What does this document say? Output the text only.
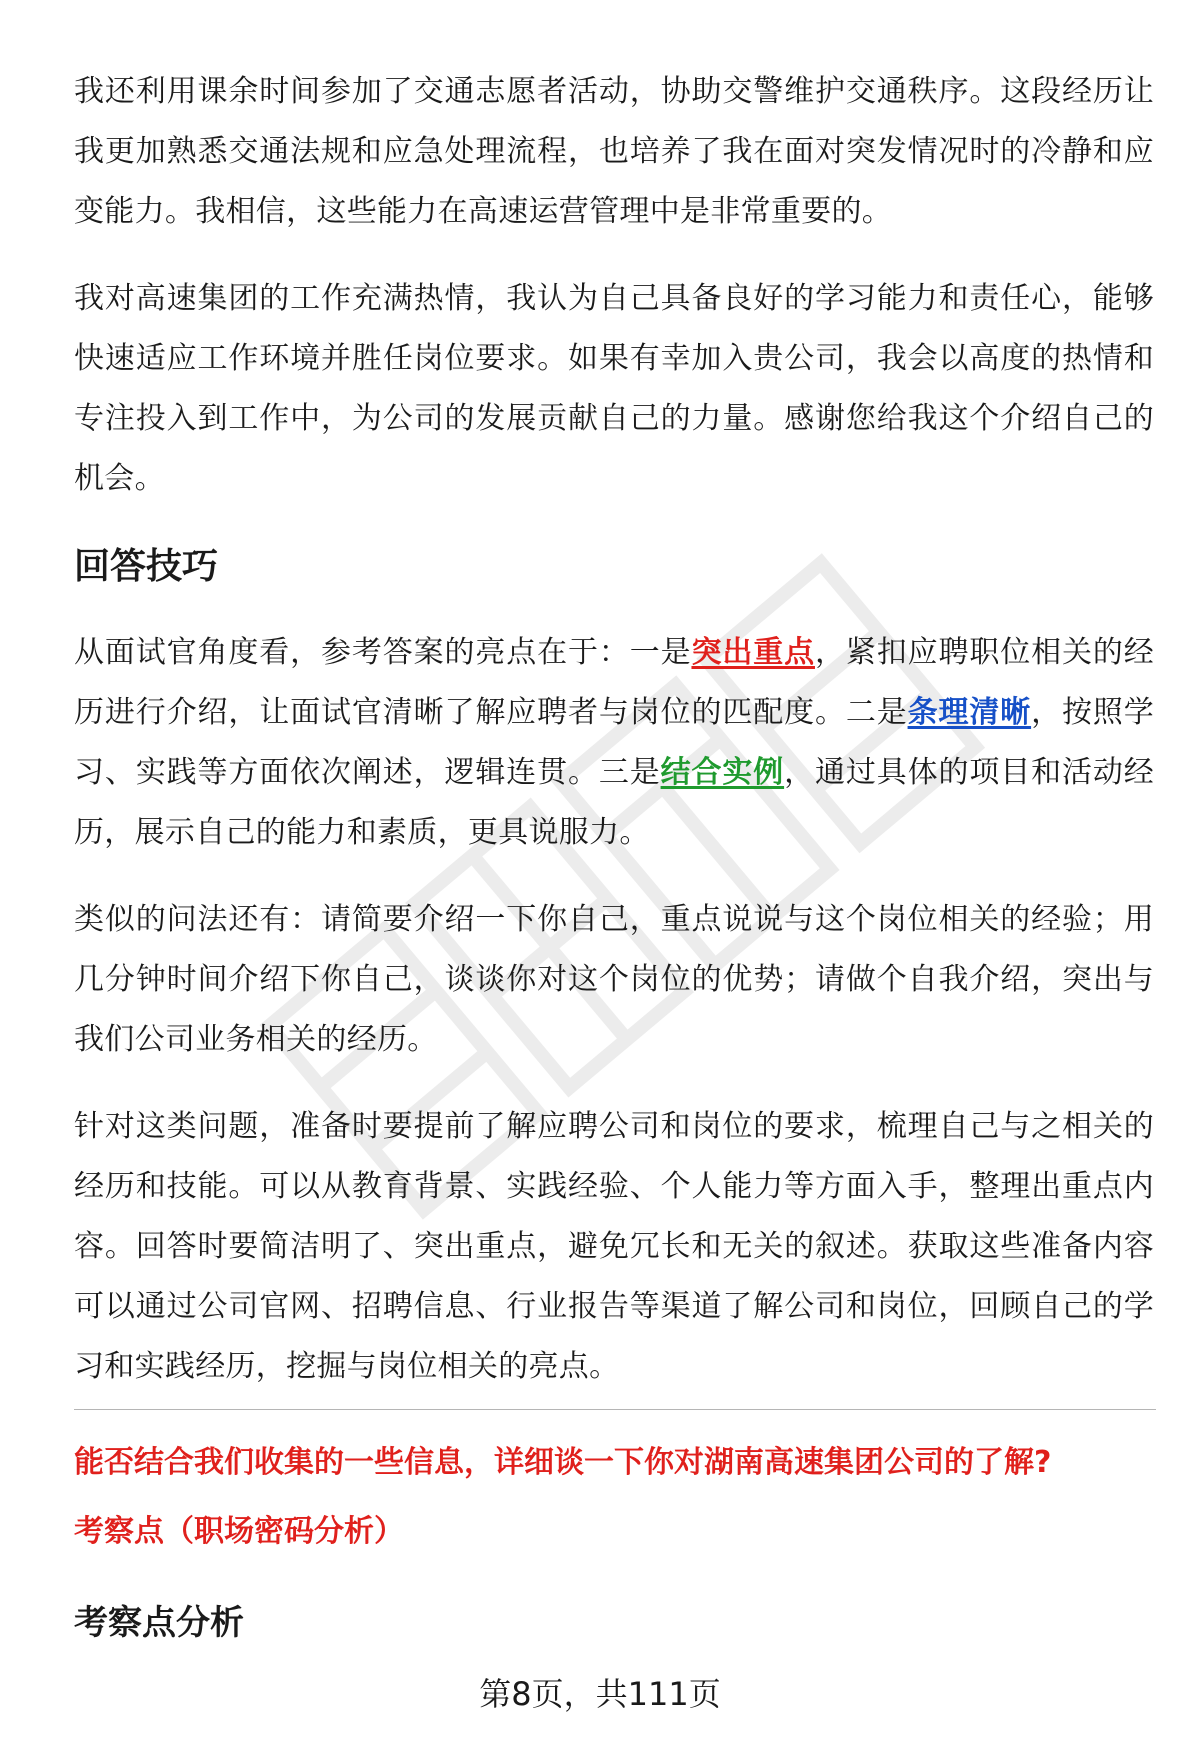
我还利用课余时间参加了交通志愿者活动，协助交警维护交通秩序。这段经历让我更加熟悉交通法规和应急处理流程，也培养了我在面对突发情况时的冷静和应变能力。我相信，这些能力在高速运营管理中是非常重要的。

我对高速集团的工作充满热情，我认为自己具备良好的学习能力和责任心，能够快速适应工作环境并胜任岗位要求。如果有幸加入贵公司，我会以高度的热情和专注投入到工作中，为公司的发展贡献自己的力量。感谢您给我这个介绍自己的机会。

回答技巧

从面试官角度看，参考答案的亮点在于：一是突出重点，紧扣应聘职位相关的经历进行介绍，让面试官清晰了解应聘者与岗位的匹配度。二是条理清晰，按照学习、实践等方面依次阐述，逻辑连贯。三是结合实例，通过具体的项目和活动经历，展示自己的能力和素质，更具说服力。

类似的问法还有：请简要介绍一下你自己，重点说说与这个岗位相关的经验；用几分钟时间介绍下你自己，谈谈你对这个岗位的优势；请做个自我介绍，突出与我们公司业务相关的经历。

针对这类问题，准备时要提前了解应聘公司和岗位的要求，梳理自己与之相关的经历和技能。可以从教育背景、实践经验、个人能力等方面入手，整理出重点内容。回答时要简洁明了、突出重点，避免冗长和无关的叙述。获取这些准备内容可以通过公司官网、招聘信息、行业报告等渠道了解公司和岗位，回顾自己的学习和实践经历，挖掘与岗位相关的亮点。

能否结合我们收集的一些信息，详细谈一下你对湖南高速集团公司的了解?
考察点（职场密码分析）
考察点分析
第8页，共111页
